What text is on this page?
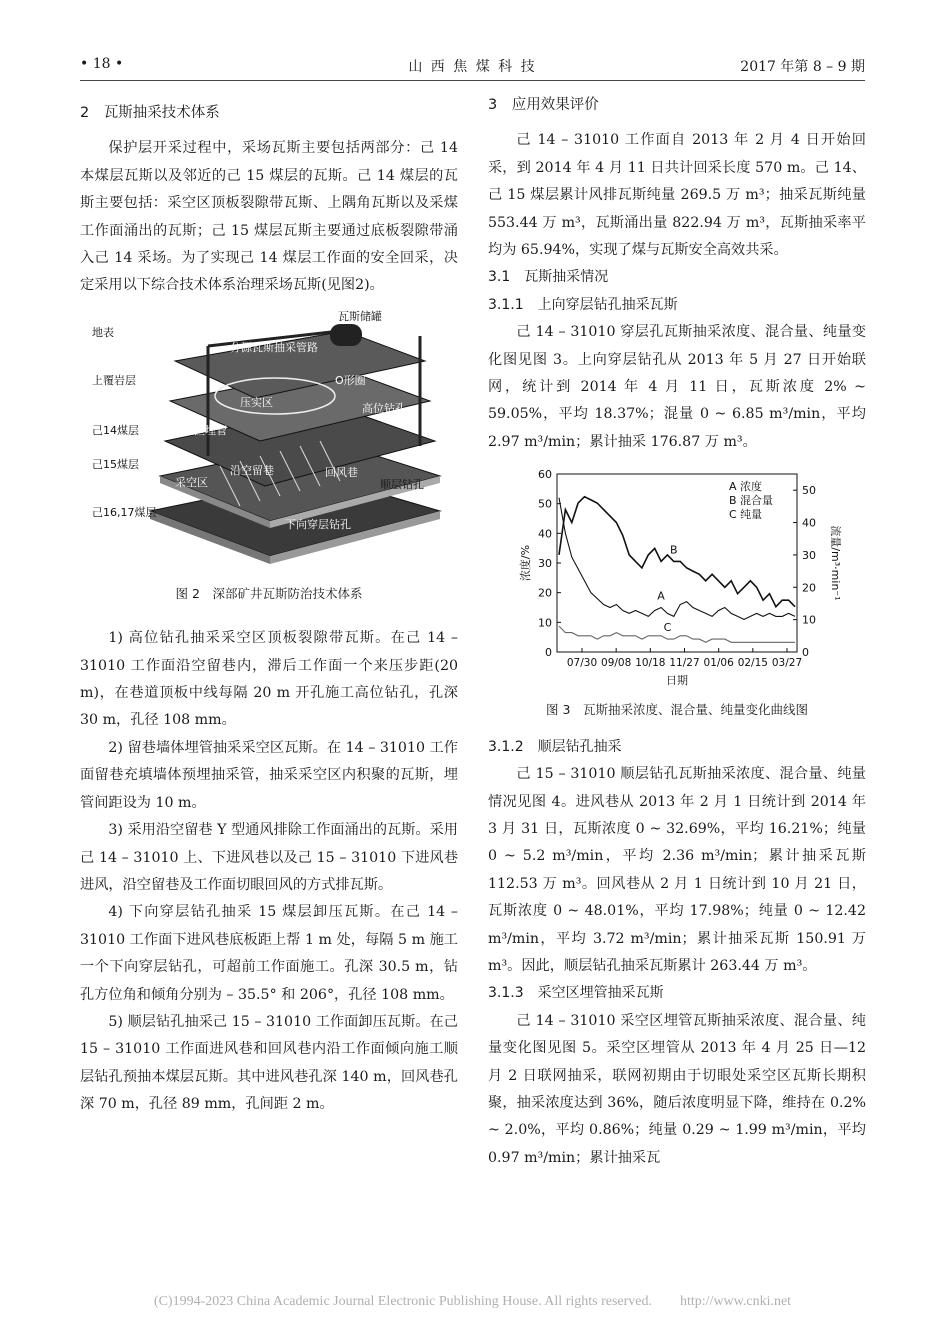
• 18 •	山 西 焦 煤 科 技	2017 年第 8 – 9 期
2　瓦斯抽采技术体系

保护层开采过程中，采场瓦斯主要包括两部分：己 14 本煤层瓦斯以及邻近的己 15 煤层的瓦斯。己 14 煤层的瓦斯主要包括：采空区顶板裂隙带瓦斯、上隅角瓦斯以及采煤工作面涌出的瓦斯；己 15 煤层瓦斯主要通过底板裂隙带涌入己 14 采场。为了实现己 14 煤层工作面的安全回采，决定采用以下综合技术体系治理采场瓦斯(见图2)。

瓦斯储罐
地表
分源瓦斯抽采管路
上覆岩层	O形圈
压实区	高位钻孔
己14煤层	采空区埋管
己15煤层
采空区
沿空留巷	回风巷
顺层钻孔
己16,17煤层
下向穿层钻孔
图 2　深部矿井瓦斯防治技术体系

1) 高位钻孔抽采采空区顶板裂隙带瓦斯。在己 14 – 31010 工作面沿空留巷内，滞后工作面一个来压步距(20 m)，在巷道顶板中线每隔 20 m 开孔施工高位钻孔，孔深 30 m，孔径 108 mm。

2) 留巷墙体埋管抽采采空区瓦斯。在 14 – 31010 工作面留巷充填墙体预埋抽采管，抽采采空区内积聚的瓦斯，埋管间距设为 10 m。

3) 采用沿空留巷 Y 型通风排除工作面涌出的瓦斯。采用己 14 – 31010 上、下进风巷以及己 15 – 31010 下进风巷进风，沿空留巷及工作面切眼回风的方式排瓦斯。

4) 下向穿层钻孔抽采 15 煤层卸压瓦斯。在己 14 – 31010 工作面下进风巷底板距上帮 1 m 处，每隔 5 m 施工一个下向穿层钻孔，可超前工作面施工。孔深 30.5 m，钻孔方位角和倾角分别为 – 35.5° 和 206°，孔径 108 mm。

5) 顺层钻孔抽采己 15 – 31010 工作面卸压瓦斯。在己 15 – 31010 工作面进风巷和回风巷内沿工作面倾向施工顺层钻孔预抽本煤层瓦斯。其中进风巷孔深 140 m，回风巷孔深 70 m，孔径 89 mm，孔间距 2 m。

3　应用效果评价

己 14 – 31010 工作面自 2013 年 2 月 4 日开始回采，到 2014 年 4 月 11 日共计回采长度 570 m。己 14、己 15 煤层累计风排瓦斯纯量 269.5 万 m³；抽采瓦斯纯量 553.44 万 m³，瓦斯涌出量 822.94 万 m³，瓦斯抽采率平均为 65.94%，实现了煤与瓦斯安全高效共采。

3.1　瓦斯抽采情况
3.1.1　上向穿层钻孔抽采瓦斯

己 14 – 31010 穿层孔瓦斯抽采浓度、混合量、纯量变化图见图 3。上向穿层钻孔从 2013 年 5 月 27 日开始联网，统计到 2014 年 4 月 11 日，瓦斯浓度 2% ~ 59.05%，平均 18.37%；混量 0 ~ 6.85 m³/min，平均 2.97 m³/min；累计抽采 176.87 万 m³。

0
10
20
30
40
50
60
0
10
20
30
40
50
07/30 09/08 10/18 11/27 01/06 02/15 03/27
日期
浓度/%	流量/m³·min⁻¹
A
B
C
A 浓度
B 混合量
C 纯量
图 3　瓦斯抽采浓度、混合量、纯量变化曲线图
3.1.2　顺层钻孔抽采

己 15 – 31010 顺层钻孔瓦斯抽采浓度、混合量、纯量情况见图 4。进风巷从 2013 年 2 月 1 日统计到 2014 年 3 月 31 日，瓦斯浓度 0 ~ 32.69%，平均 16.21%；纯量 0 ~ 5.2 m³/min，平均 2.36 m³/min；累计抽采瓦斯 112.53 万 m³。回风巷从 2 月 1 日统计到 10 月 21 日，瓦斯浓度 0 ~ 48.01%，平均 17.98%；纯量 0 ~ 12.42 m³/min，平均 3.72 m³/min；累计抽采瓦斯 150.91 万 m³。因此，顺层钻孔抽采瓦斯累计 263.44 万 m³。

3.1.3　采空区埋管抽采瓦斯

己 14 – 31010 采空区埋管瓦斯抽采浓度、混合量、纯量变化图见图 5。采空区埋管从 2013 年 4 月 25 日—12 月 2 日联网抽采，联网初期由于切眼处采空区瓦斯长期积聚，抽采浓度达到 36%，随后浓度明显下降，维持在 0.2% ~ 2.0%，平均 0.86%；纯量 0.29 ~ 1.99 m³/min，平均 0.97 m³/min；累计抽采瓦

(C)1994-2023 China Academic Journal Electronic Publishing House. All rights reserved.　　http://www.cnki.net
